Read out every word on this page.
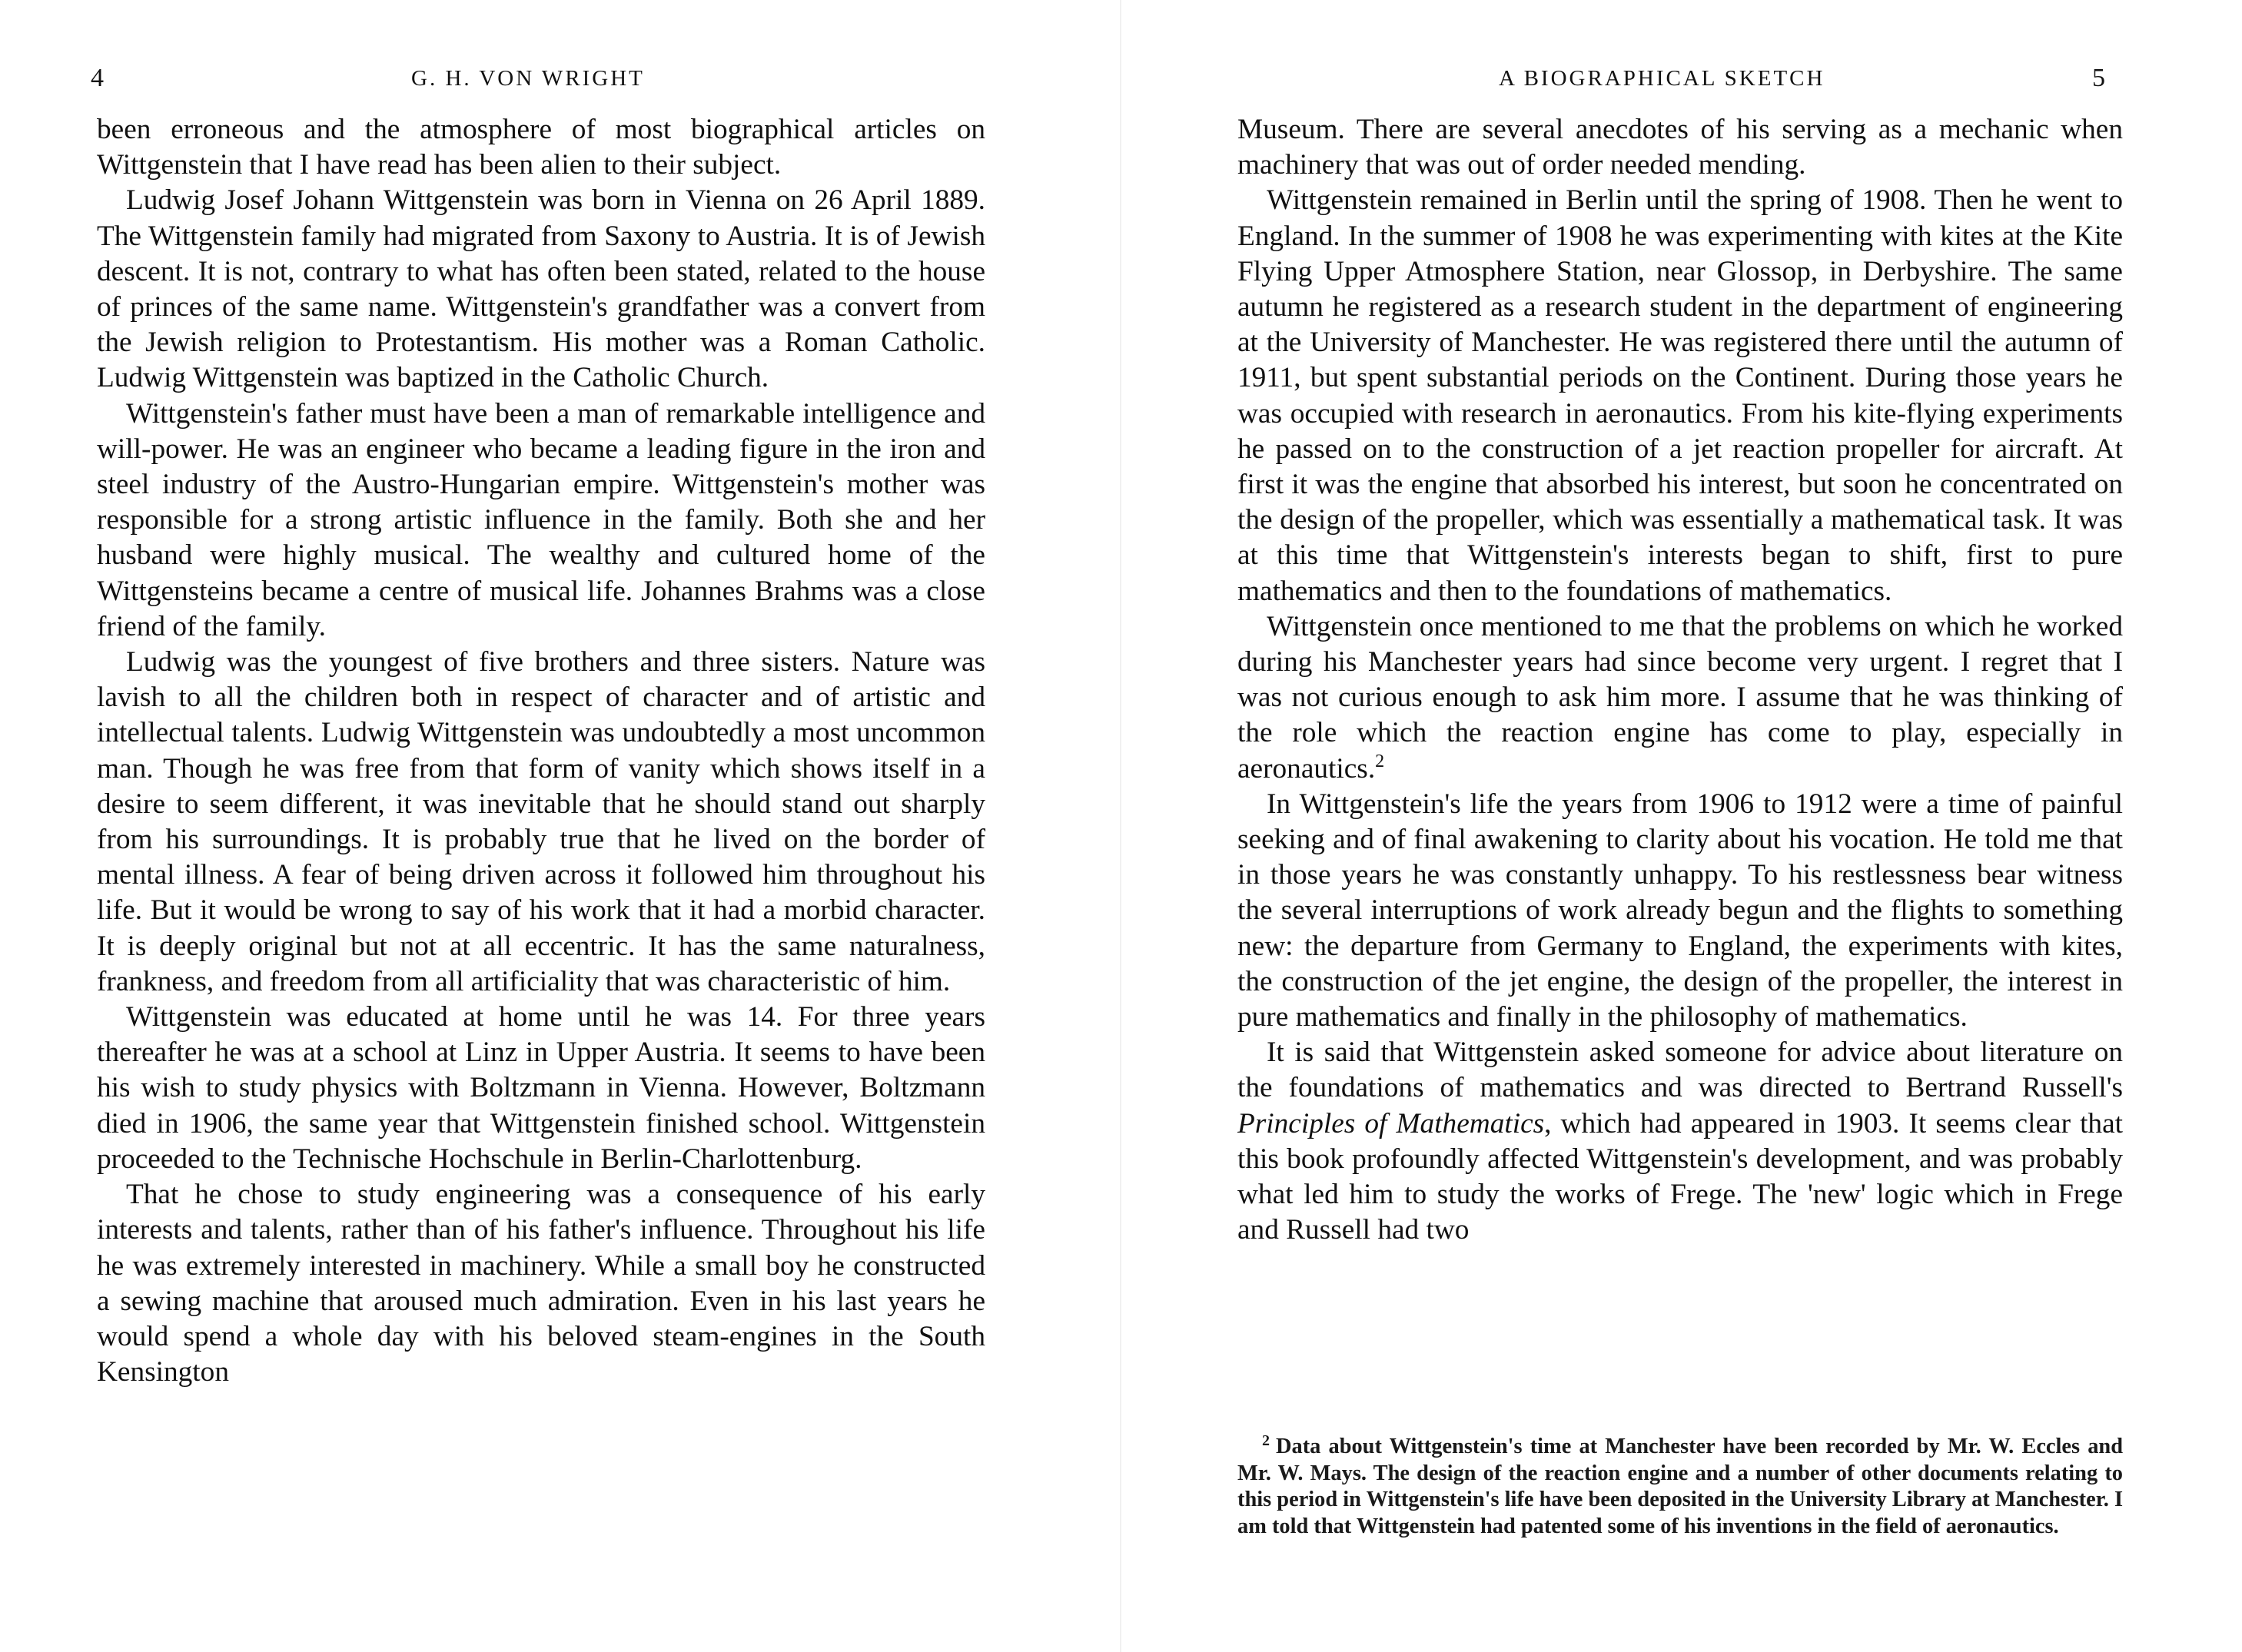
4	G. H. VON WRIGHT

been erroneous and the atmosphere of most biographical articles on Wittgenstein that I have read has been alien to their subject.

Ludwig Josef Johann Wittgenstein was born in Vienna on 26 April 1889. The Wittgenstein family had migrated from Saxony to Austria. It is of Jewish descent. It is not, contrary to what has often been stated, related to the house of princes of the same name. Wittgenstein's grandfather was a convert from the Jewish religion to Protestantism. His mother was a Roman Catholic. Ludwig Wittgenstein was baptized in the Catholic Church.

Wittgenstein's father must have been a man of remarkable intelligence and will-power. He was an engineer who became a leading figure in the iron and steel industry of the Austro-Hungarian empire. Wittgenstein's mother was responsible for a strong artistic influence in the family. Both she and her husband were highly musical. The wealthy and cultured home of the Wittgensteins became a centre of musical life. Johannes Brahms was a close friend of the family.

Ludwig was the youngest of five brothers and three sisters. Nature was lavish to all the children both in respect of character and of artistic and intellectual talents. Ludwig Wittgenstein was undoubtedly a most uncommon man. Though he was free from that form of vanity which shows itself in a desire to seem different, it was inevitable that he should stand out sharply from his surroundings. It is probably true that he lived on the border of mental illness. A fear of being driven across it followed him throughout his life. But it would be wrong to say of his work that it had a morbid character. It is deeply original but not at all eccentric. It has the same naturalness, frankness, and freedom from all artificiality that was characteristic of him.

Wittgenstein was educated at home until he was 14. For three years thereafter he was at a school at Linz in Upper Austria. It seems to have been his wish to study physics with Boltzmann in Vienna. However, Boltzmann died in 1906, the same year that Wittgenstein finished school. Wittgenstein proceeded to the Technische Hochschule in Berlin-Charlottenburg.

That he chose to study engineering was a consequence of his early interests and talents, rather than of his father's influence. Throughout his life he was extremely interested in machinery. While a small boy he constructed a sewing machine that aroused much admiration. Even in his last years he would spend a whole day with his beloved steam-engines in the South Kensington

A BIOGRAPHICAL SKETCH	5

Museum. There are several anecdotes of his serving as a mechanic when machinery that was out of order needed mending.

Wittgenstein remained in Berlin until the spring of 1908. Then he went to England. In the summer of 1908 he was experimenting with kites at the Kite Flying Upper Atmosphere Station, near Glossop, in Derbyshire. The same autumn he registered as a research student in the department of engineering at the University of Manchester. He was registered there until the autumn of 1911, but spent substantial periods on the Continent. During those years he was occupied with research in aeronautics. From his kite-flying experiments he passed on to the construction of a jet reaction propeller for aircraft. At first it was the engine that absorbed his interest, but soon he concentrated on the design of the propeller, which was essentially a mathematical task. It was at this time that Wittgenstein's interests began to shift, first to pure mathematics and then to the foundations of mathematics.

Wittgenstein once mentioned to me that the problems on which he worked during his Manchester years had since become very urgent. I regret that I was not curious enough to ask him more. I assume that he was thinking of the role which the reaction engine has come to play, especially in aeronautics.$^2$

In Wittgenstein's life the years from 1906 to 1912 were a time of painful seeking and of final awakening to clarity about his vocation. He told me that in those years he was constantly unhappy. To his restlessness bear witness the several interruptions of work already begun and the flights to something new: the departure from Germany to England, the experiments with kites, the construction of the jet engine, the design of the propeller, the interest in pure mathematics and finally in the philosophy of mathematics.

It is said that Wittgenstein asked someone for advice about literature on the foundations of mathematics and was directed to Bertrand Russell's Principles of Mathematics, which had appeared in 1903. It seems clear that this book profoundly affected Wittgenstein's development, and was probably what led him to study the works of Frege. The 'new' logic which in Frege and Russell had two

$^2$ Data about Wittgenstein's time at Manchester have been recorded by Mr. W. Eccles and Mr. W. Mays. The design of the reaction engine and a number of other documents relating to this period in Wittgenstein's life have been deposited in the University Library at Manchester. I am told that Wittgenstein had patented some of his inventions in the field of aeronautics.
